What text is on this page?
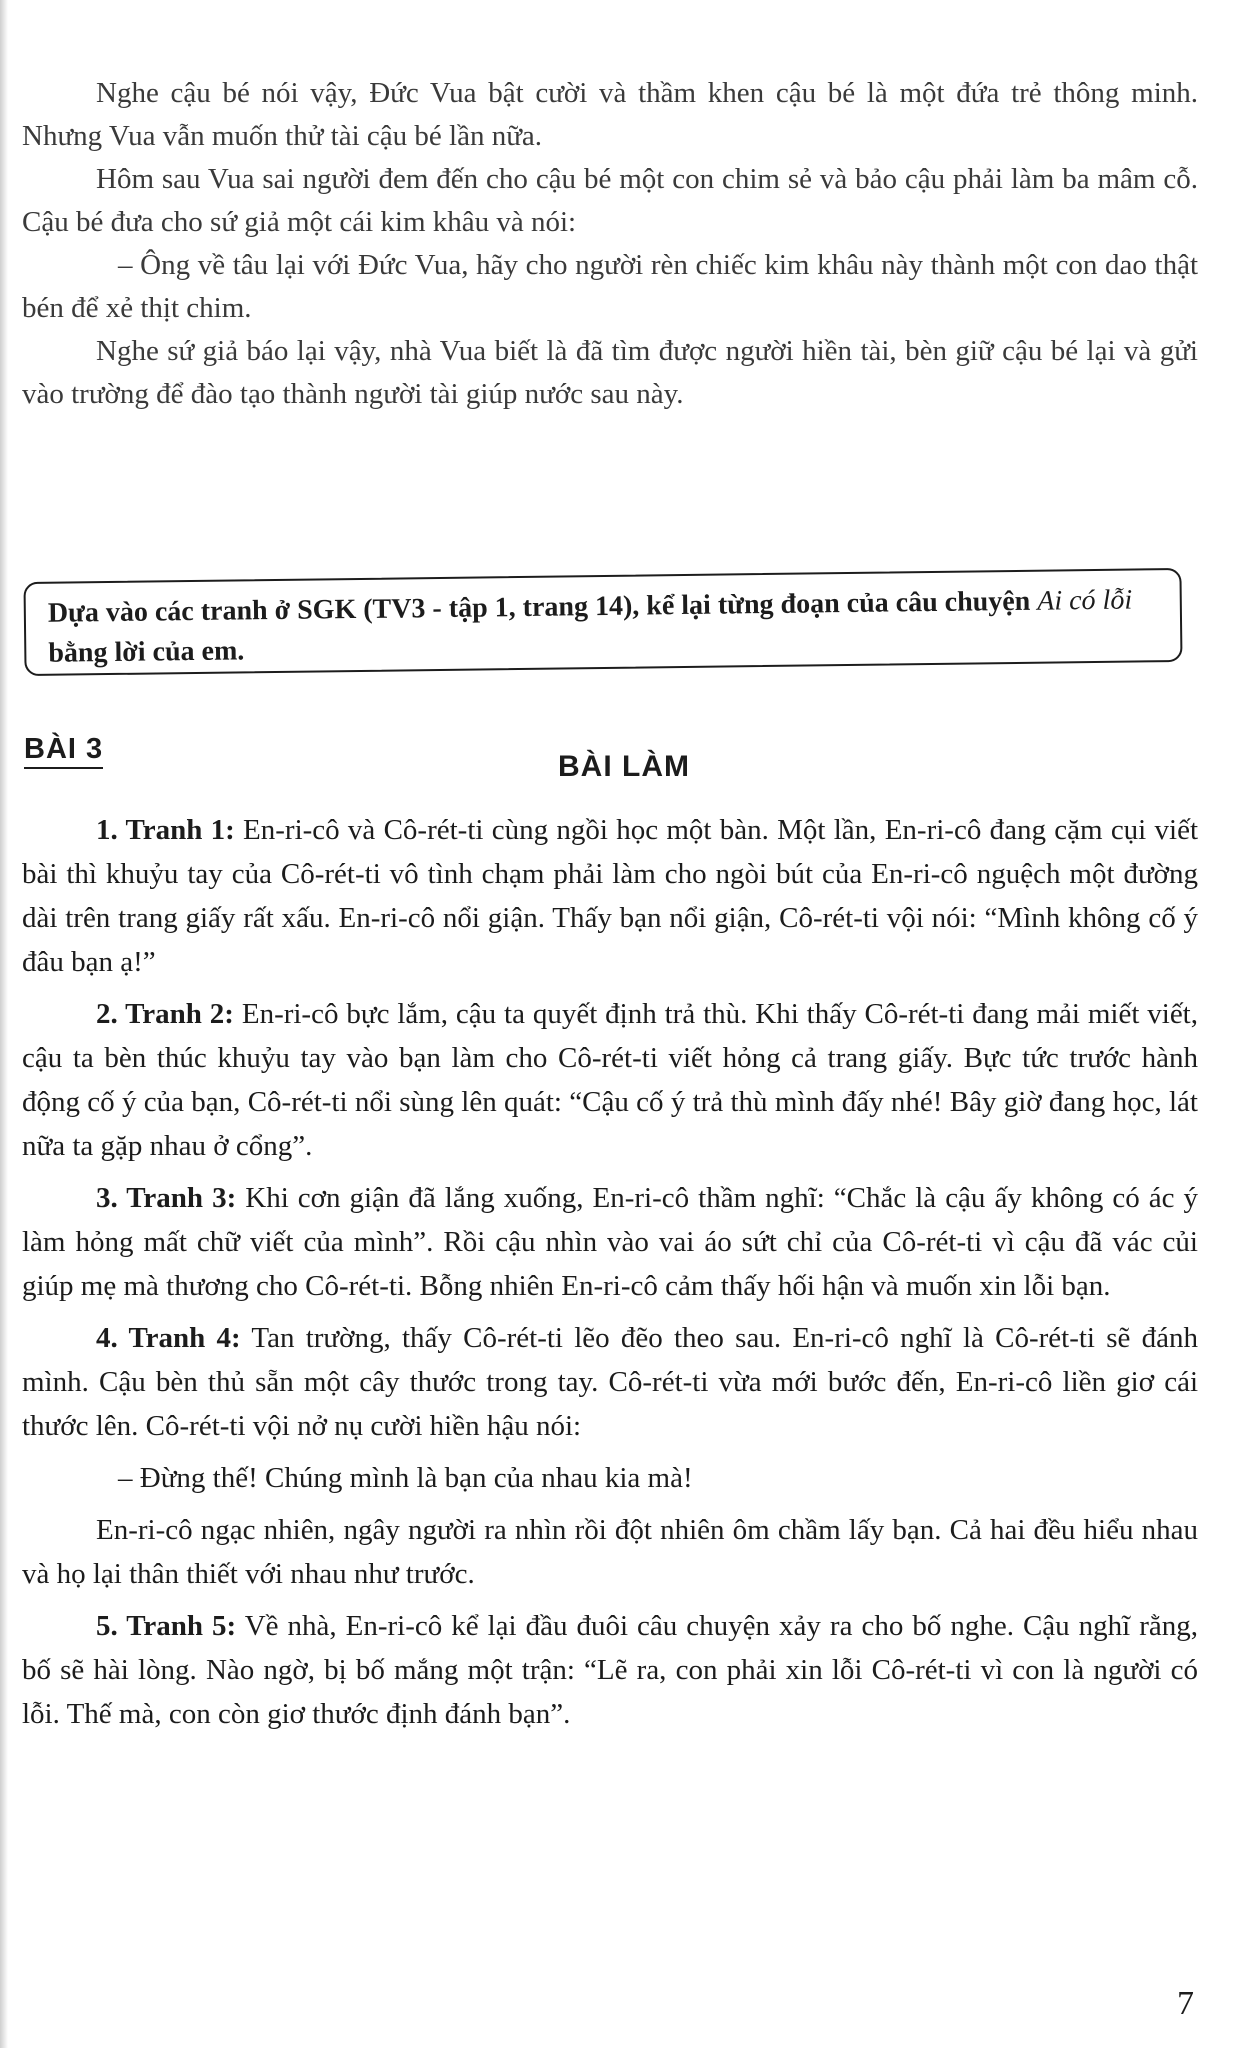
Nghe cậu bé nói vậy, Đức Vua bật cười và thầm khen cậu bé là một đứa trẻ thông minh. Nhưng Vua vẫn muốn thử tài cậu bé lần nữa.

Hôm sau Vua sai người đem đến cho cậu bé một con chim sẻ và bảo cậu phải làm ba mâm cỗ. Cậu bé đưa cho sứ giả một cái kim khâu và nói:

– Ông về tâu lại với Đức Vua, hãy cho người rèn chiếc kim khâu này thành một con dao thật bén để xẻ thịt chim.

Nghe sứ giả báo lại vậy, nhà Vua biết là đã tìm được người hiền tài, bèn giữ cậu bé lại và gửi vào trường để đào tạo thành người tài giúp nước sau này.

Dựa vào các tranh ở SGK (TV3 - tập 1, trang 14), kể lại từng đoạn của câu chuyện Ai có lỗi bằng lời của em.
BÀI 3
BÀI LÀM

1. Tranh 1: En-ri-cô và Cô-rét-ti cùng ngồi học một bàn. Một lần, En-ri-cô đang cặm cụi viết bài thì khuỷu tay của Cô-rét-ti vô tình chạm phải làm cho ngòi bút của En-ri-cô nguệch một đường dài trên trang giấy rất xấu. En-ri-cô nổi giận. Thấy bạn nổi giận, Cô-rét-ti vội nói: “Mình không cố ý đâu bạn ạ!”

2. Tranh 2: En-ri-cô bực lắm, cậu ta quyết định trả thù. Khi thấy Cô-rét-ti đang mải miết viết, cậu ta bèn thúc khuỷu tay vào bạn làm cho Cô-rét-ti viết hỏng cả trang giấy. Bực tức trước hành động cố ý của bạn, Cô-rét-ti nổi sùng lên quát: “Cậu cố ý trả thù mình đấy nhé! Bây giờ đang học, lát nữa ta gặp nhau ở cổng”.

3. Tranh 3: Khi cơn giận đã lắng xuống, En-ri-cô thầm nghĩ: “Chắc là cậu ấy không có ác ý làm hỏng mất chữ viết của mình”. Rồi cậu nhìn vào vai áo sứt chỉ của Cô-rét-ti vì cậu đã vác củi giúp mẹ mà thương cho Cô-rét-ti. Bỗng nhiên En-ri-cô cảm thấy hối hận và muốn xin lỗi bạn.

4. Tranh 4: Tan trường, thấy Cô-rét-ti lẽo đẽo theo sau. En-ri-cô nghĩ là Cô-rét-ti sẽ đánh mình. Cậu bèn thủ sẵn một cây thước trong tay. Cô-rét-ti vừa mới bước đến, En-ri-cô liền giơ cái thước lên. Cô-rét-ti vội nở nụ cười hiền hậu nói:

– Đừng thế! Chúng mình là bạn của nhau kia mà!

En-ri-cô ngạc nhiên, ngây người ra nhìn rồi đột nhiên ôm chầm lấy bạn. Cả hai đều hiểu nhau và họ lại thân thiết với nhau như trước.

5. Tranh 5: Về nhà, En-ri-cô kể lại đầu đuôi câu chuyện xảy ra cho bố nghe. Cậu nghĩ rằng, bố sẽ hài lòng. Nào ngờ, bị bố mắng một trận: “Lẽ ra, con phải xin lỗi Cô-rét-ti vì con là người có lỗi. Thế mà, con còn giơ thước định đánh bạn”.

7
